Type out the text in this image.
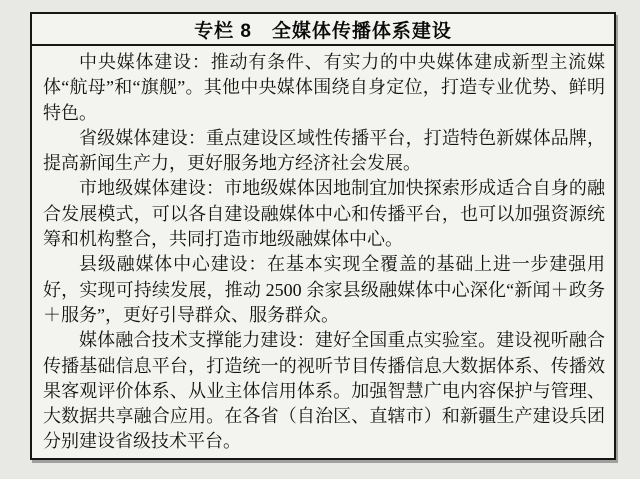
专栏 8　全媒体传播体系建设

中央媒体建设：推动有条件、有实力的中央媒体建成新型主流媒体“航母”和“旗舰”。其他中央媒体围绕自身定位，打造专业优势、鲜明特色。

省级媒体建设：重点建设区域性传播平台，打造特色新媒体品牌，提高新闻生产力，更好服务地方经济社会发展。

市地级媒体建设：市地级媒体因地制宜加快探索形成适合自身的融合发展模式，可以各自建设融媒体中心和传播平台，也可以加强资源统筹和机构整合，共同打造市地级融媒体中心。

县级融媒体中心建设：在基本实现全覆盖的基础上进一步建强用好，实现可持续发展，推动 2500 余家县级融媒体中心深化“新闻＋政务＋服务”，更好引导群众、服务群众。

媒体融合技术支撑能力建设：建好全国重点实验室。建设视听融合传播基础信息平台，打造统一的视听节目传播信息大数据体系、传播效果客观评价体系、从业主体信用体系。加强智慧广电内容保护与管理、大数据共享融合应用。在各省（自治区、直辖市）和新疆生产建设兵团分别建设省级技术平台。
